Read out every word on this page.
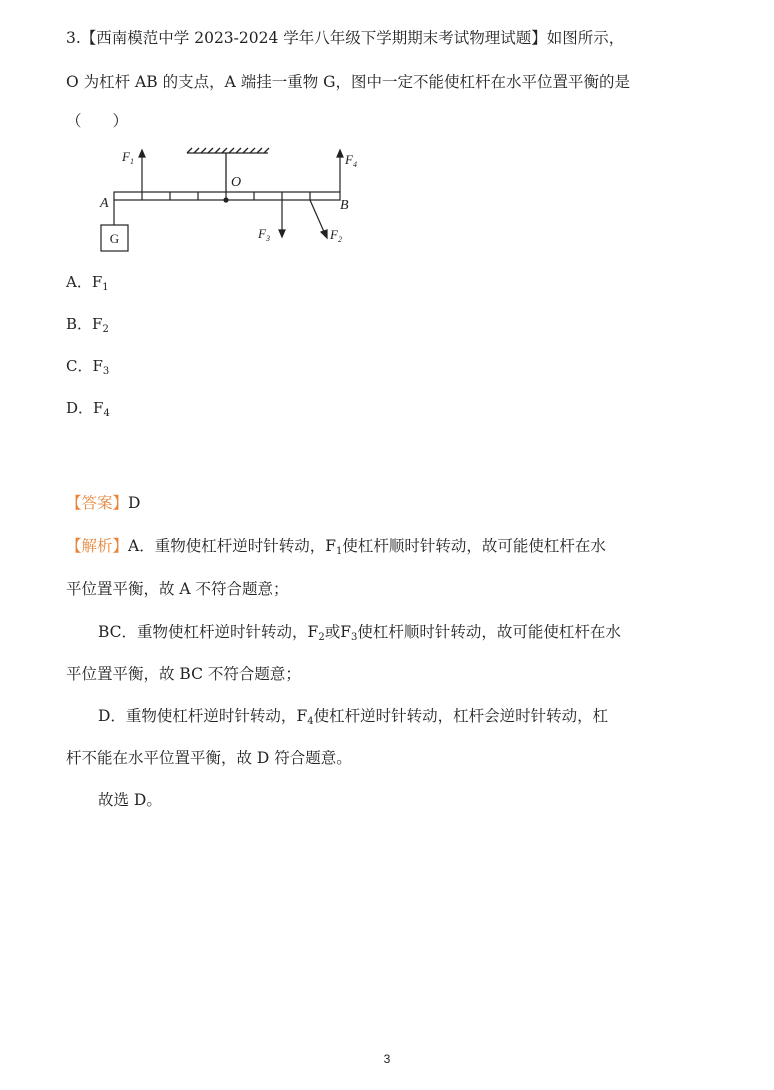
3.【西南模范中学 2023-2024 学年八年级下学期期末考试物理试题】如图所示，
O 为杠杆 AB 的支点，A 端挂一重物 G，图中一定不能使杠杆在水平位置平衡的是
（　　）
G
$F_1$	$F_4$
$F_3$	$F_2$
O
A	B
A．$F_1$
B．$F_2$
C．$F_3$
D．$F_4$
【答案】D
【解析】A．重物使杠杆逆时针转动，$F_1$使杠杆顺时针转动，故可能使杠杆在水
平位置平衡，故 A 不符合题意；
BC．重物使杠杆逆时针转动，$F_2$或$F_3$使杠杆顺时针转动，故可能使杠杆在水
平位置平衡，故 BC 不符合题意；
D．重物使杠杆逆时针转动，$F_4$使杠杆逆时针转动，杠杆会逆时针转动，杠
杆不能在水平位置平衡，故 D 符合题意。
故选 D。
3
